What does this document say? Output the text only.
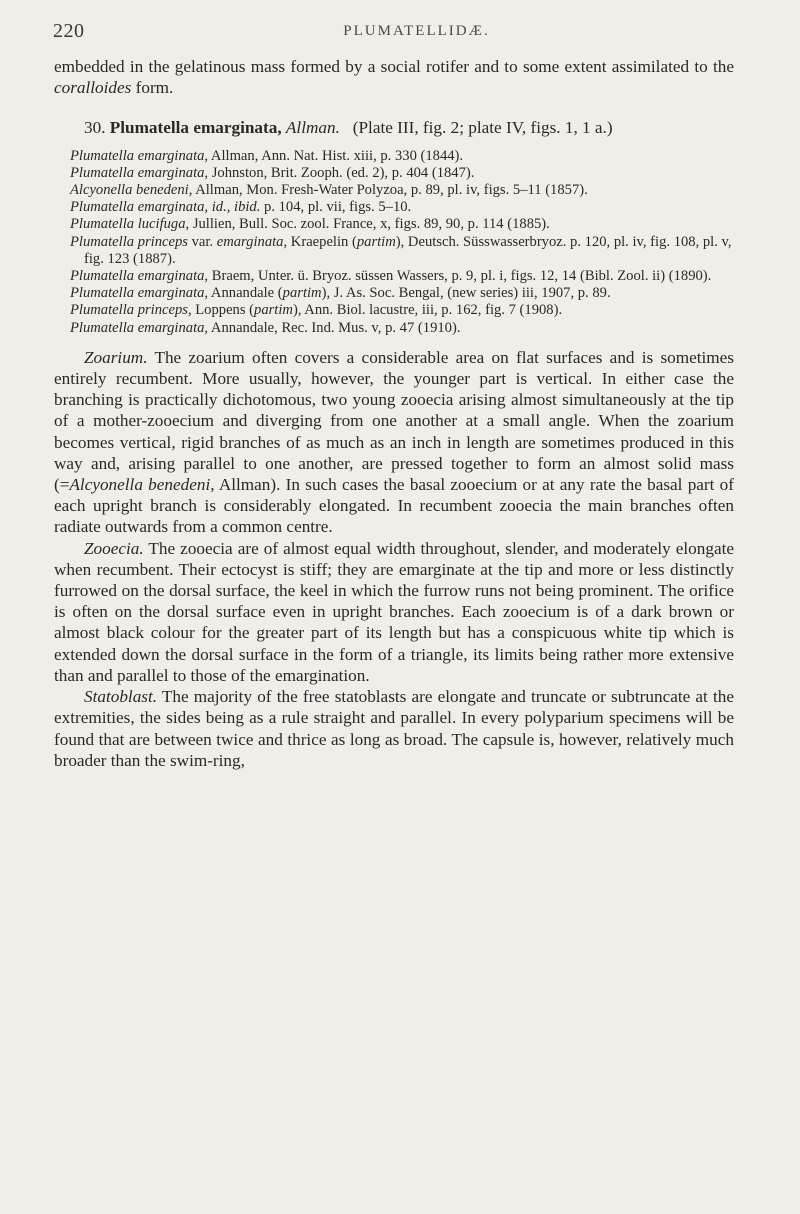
220	PLUMATELLIDÆ.

embedded in the gelatinous mass formed by a social rotifer and to some extent assimilated to the coralloides form.

30. Plumatella emarginata, Allman. (Plate III, fig. 2; plate IV, figs. 1, 1 a.)

Plumatella emarginata, Allman, Ann. Nat. Hist. xiii, p. 330 (1844).

Plumatella emarginata, Johnston, Brit. Zooph. (ed. 2), p. 404 (1847).

Alcyonella benedeni, Allman, Mon. Fresh-Water Polyzoa, p. 89, pl. iv, figs. 5–11 (1857).

Plumatella emarginata, id., ibid. p. 104, pl. vii, figs. 5–10.

Plumatella lucifuga, Jullien, Bull. Soc. zool. France, x, figs. 89, 90, p. 114 (1885).

Plumatella princeps var. emarginata, Kraepelin (partim), Deutsch. Süsswasserbryoz. p. 120, pl. iv, fig. 108, pl. v, fig. 123 (1887).

Plumatella emarginata, Braem, Unter. ü. Bryoz. süssen Wassers, p. 9, pl. i, figs. 12, 14 (Bibl. Zool. ii) (1890).

Plumatella emarginata, Annandale (partim), J. As. Soc. Bengal, (new series) iii, 1907, p. 89.

Plumatella princeps, Loppens (partim), Ann. Biol. lacustre, iii, p. 162, fig. 7 (1908).

Plumatella emarginata, Annandale, Rec. Ind. Mus. v, p. 47 (1910).

Zoarium. The zoarium often covers a considerable area on flat surfaces and is sometimes entirely recumbent. More usually, however, the younger part is vertical. In either case the branching is practically dichotomous, two young zooecia arising almost simultaneously at the tip of a mother-zooecium and diverging from one another at a small angle. When the zoarium becomes vertical, rigid branches of as much as an inch in length are sometimes produced in this way and, arising parallel to one another, are pressed together to form an almost solid mass (=Alcyonella benedeni, Allman). In such cases the basal zooecium or at any rate the basal part of each upright branch is considerably elongated. In recumbent zooecia the main branches often radiate outwards from a common centre.

Zooecia. The zooecia are of almost equal width throughout, slender, and moderately elongate when recumbent. Their ectocyst is stiff; they are emarginate at the tip and more or less distinctly furrowed on the dorsal surface, the keel in which the furrow runs not being prominent. The orifice is often on the dorsal surface even in upright branches. Each zooecium is of a dark brown or almost black colour for the greater part of its length but has a conspicuous white tip which is extended down the dorsal surface in the form of a triangle, its limits being rather more extensive than and parallel to those of the emargination.

Statoblast. The majority of the free statoblasts are elongate and truncate or subtruncate at the extremities, the sides being as a rule straight and parallel. In every polyparium specimens will be found that are between twice and thrice as long as broad. The capsule is, however, relatively much broader than the swim-ring,
